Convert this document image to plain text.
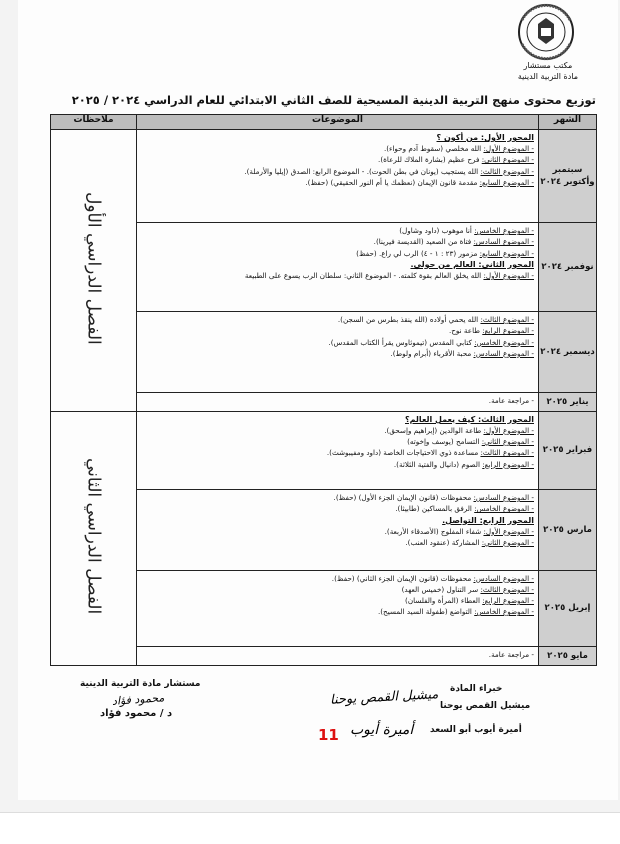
مكتب مستشار
مادة التربية الدينية
توزيع محتوى منهج التربية الدينية المسيحية للصف الثاني الابتدائي للعام الدراسي ٢٠٢٤ / ٢٠٢٥
الشهر	الموضوعات	ملاحظات
سبتمبر وأكتوبر ٢٠٢٤	المحور الأول: من أكون ؟
- الموضوع الأول: الله مخلصي (سقوط آدم وحواء).
- الموضوع الثاني: فرح عظيم (بشارة الملاك للرعاة).
- الموضوع الثالث: الله يستجيب (يونان في بطن الحوت). - الموضوع الرابع: الصدق (إيليا والأرملة).
- الموضوع السابع: مقدمة قانون الإيمان (نعظمك يا أم النور الحقيقي) (حفظ).	الفصل الدراسي الأول
نوفمبر ٢٠٢٤	- الموضوع الخامس: أنا موهوب (داود وشاول)
- الموضوع السادس: فتاة من الصعيد (القديسة فيرينا).
- الموضوع السابع: مزمور (٢٣ : ١ - ٤) الرب لي راع. (حفظ)
المحور الثاني: العالم من حولي.
- الموضوع الأول: الله يخلق العالم بقوة كلمته. - الموضوع الثاني: سلطان الرب يسوع على الطبيعة	

ديسمبر ٢٠٢٤	- الموضوع الثالث: الله يحمي أولاده (الله ينقذ بطرس من السجن).
- الموضوع الرابع: طاعة نوح.
- الموضوع الخامس: كتابي المقدس (تيموثاوس يقرأ الكتاب المقدس).
- الموضوع السادس: محبة الأقرباء (أبرام ولوط).	

يناير ٢٠٢٥	- مراجعة عامة.	

فبراير ٢٠٢٥	المحور الثالث: كيف يعمل العالم؟
- الموضوع الأول: طاعة الوالدين (إبراهيم وإسحق).
- الموضوع الثاني: التسامح (يوسف وإخوته)
- الموضوع الثالث: مساعدة ذوي الاحتياجات الخاصة (داود ومفيبوشث).
- الموضوع الرابع: الصوم (دانيال والفتية الثلاثة).	الفصل الدراسي الثاني
مارس ٢٠٢٥	- الموضوع السادس: محفوظات (قانون الإيمان الجزء الأول) (حفظ).
- الموضوع الخامس: الرفق بالمساكين (طابيثا).
المحور الرابع: التواصل.
- الموضوع الأول: شفاء المفلوج (الأصدقاء الأربعة).
- الموضوع الثاني: المشاركة (عنقود العنب).	

إبريل ٢٠٢٥	- الموضوع السادس: محفوظات (قانون الإيمان الجزء الثاني) (حفظ).
- الموضوع الثالث: سر التناول (خميس العهد)
- الموضوع الرابع: العطاء (المرأة والفلسان)
- الموضوع الخامس: التواضع (طفولة السيد المسيح).	

مايو ٢٠٢٥	- مراجعة عامة.	
مستشار مادة التربية الدينية
محمود فؤاد
د / محمود فؤاد
خبراء المادة
ميشيل القمص يوحنا ميشيل القمص يوحنا
أميرة أيوب أميرة أيوب أبو السعد
11
